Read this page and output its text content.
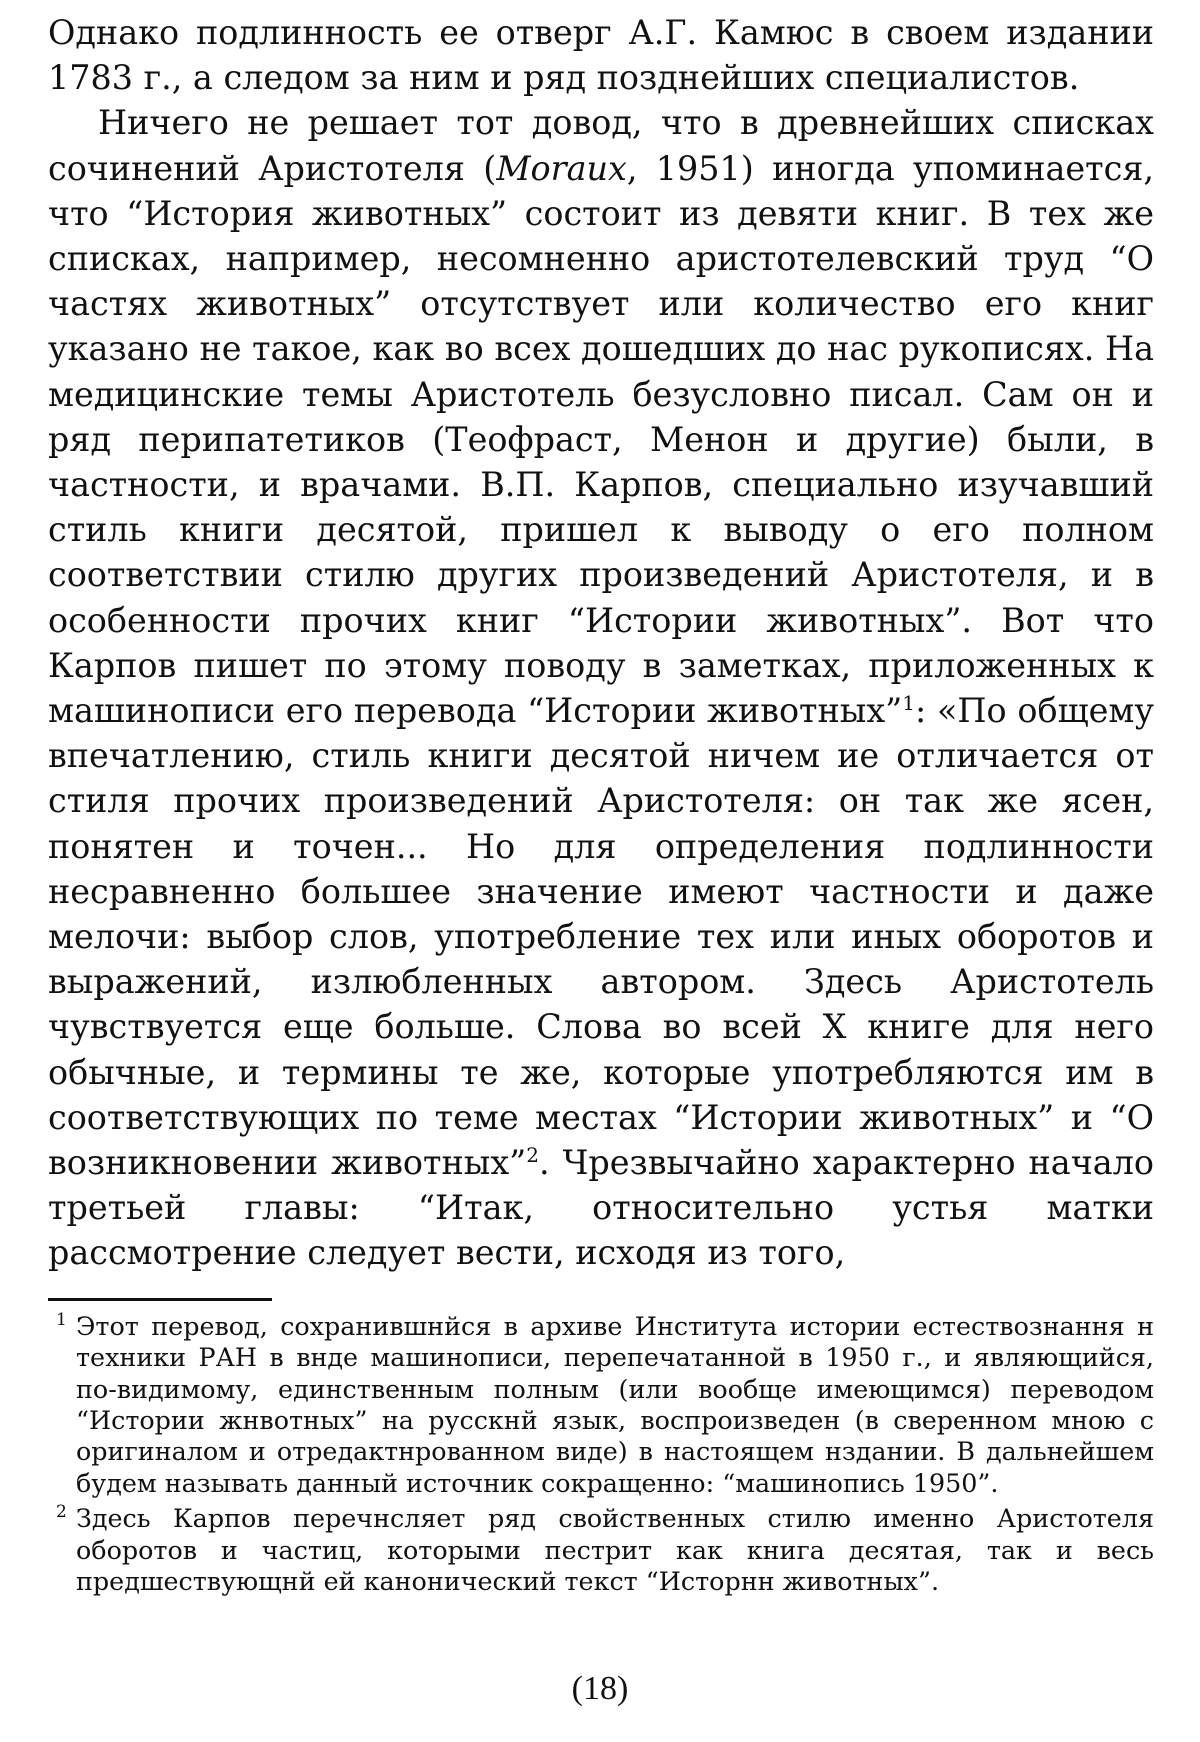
Однако подлинность ее отверг А.Г. Камюс в своем издании 1783 г., а следом за ним и ряд позднейших специалистов.

Ничего не решает тот довод, что в древнейших списках сочинений Аристотеля (Moraux, 1951) иногда упоминается, что “История животных” состоит из девяти книг. В тех же списках, например, несомненно аристотелевский труд “О частях животных” отсутствует или количество его книг указано не такое, как во всех дошедших до нас рукописях. На медицинские темы Аристотель безусловно писал. Сам он и ряд перипатетиков (Теофраст, Менон и другие) были, в частности, и врачами. В.П. Карпов, специально изучавший стиль книги десятой, пришел к выводу о его полном соответствии стилю других произведений Аристотеля, и в особенности прочих книг “Истории животных”. Вот что Карпов пишет по этому поводу в заметках, приложенных к машинописи его перевода “Истории животных”$^1$: «По общему впечатлению, стиль книги десятой ничем ие отличается от стиля прочих произведений Аристотеля: он так же ясен, понятен и точен... Но для определения подлинности несравненно большее значение имеют частности и даже мелочи: выбор слов, употребление тех или иных оборотов и выражений, излюбленных автором. Здесь Аристотель чувствуется еще больше. Слова во всей X книге для него обычные, и термины те же, которые употребляются им в соответствующих по теме местах “Истории животных” и “О возникновении животных”$^2$. Чрезвычайно характерно начало третьей главы: “Итак, относительно устья матки рассмотрение следует вести, исходя из того,

1 Этот перевод, сохранившнйся в архиве Института истории естествознання н техники РАН в внде машинописи, перепечатанной в 1950 г., и являющийся, по-видимому, единственным полным (или вообще имеющимся) переводом “Истории жнвотных” на русскнй язык, воспроизведен (в сверенном мною с оригиналом и отредактнрованном виде) в настоящем нздании. В дальнейшем будем называть данный источник сокращенно: “машинопись 1950”.

2 Здесь Карпов перечнсляет ряд свойственных стилю именно Аристотеля оборотов и частиц, которыми пестрит как книга десятая, так и весь предшествующнй ей канонический текст “Исторнн животных”.

(18)
